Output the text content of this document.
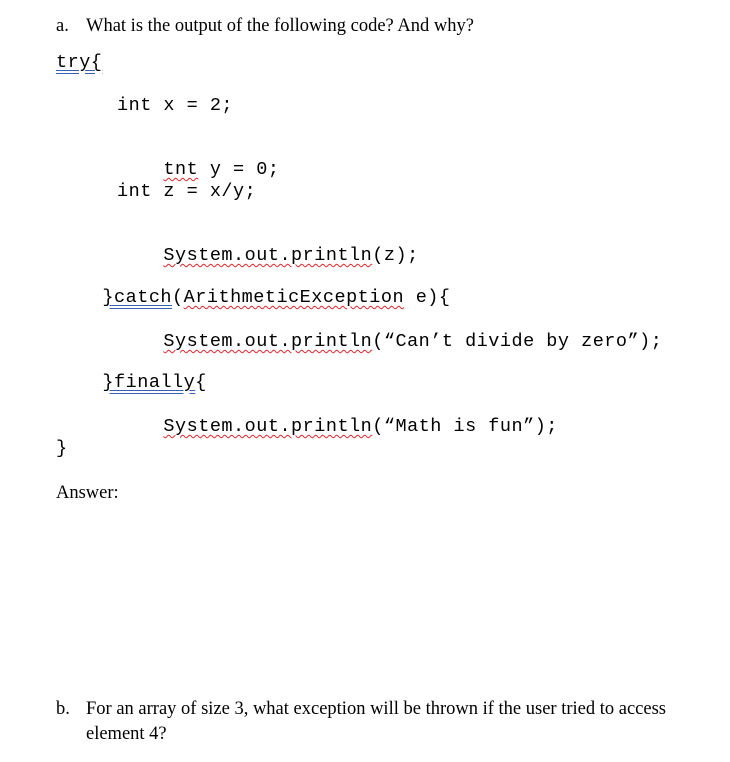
a. What is the output of the following code? And why?
try{
int x = 2;

tnt y = 0;

int z = x/y;

System.out.println(z);

}catch(ArithmeticException e){

System.out.println(“Can’t divide by zero”);

}finally{

System.out.println(“Math is fun”);

}
Answer:
b. For an array of size 3, what exception will be thrown if the user tried to access
element 4?
